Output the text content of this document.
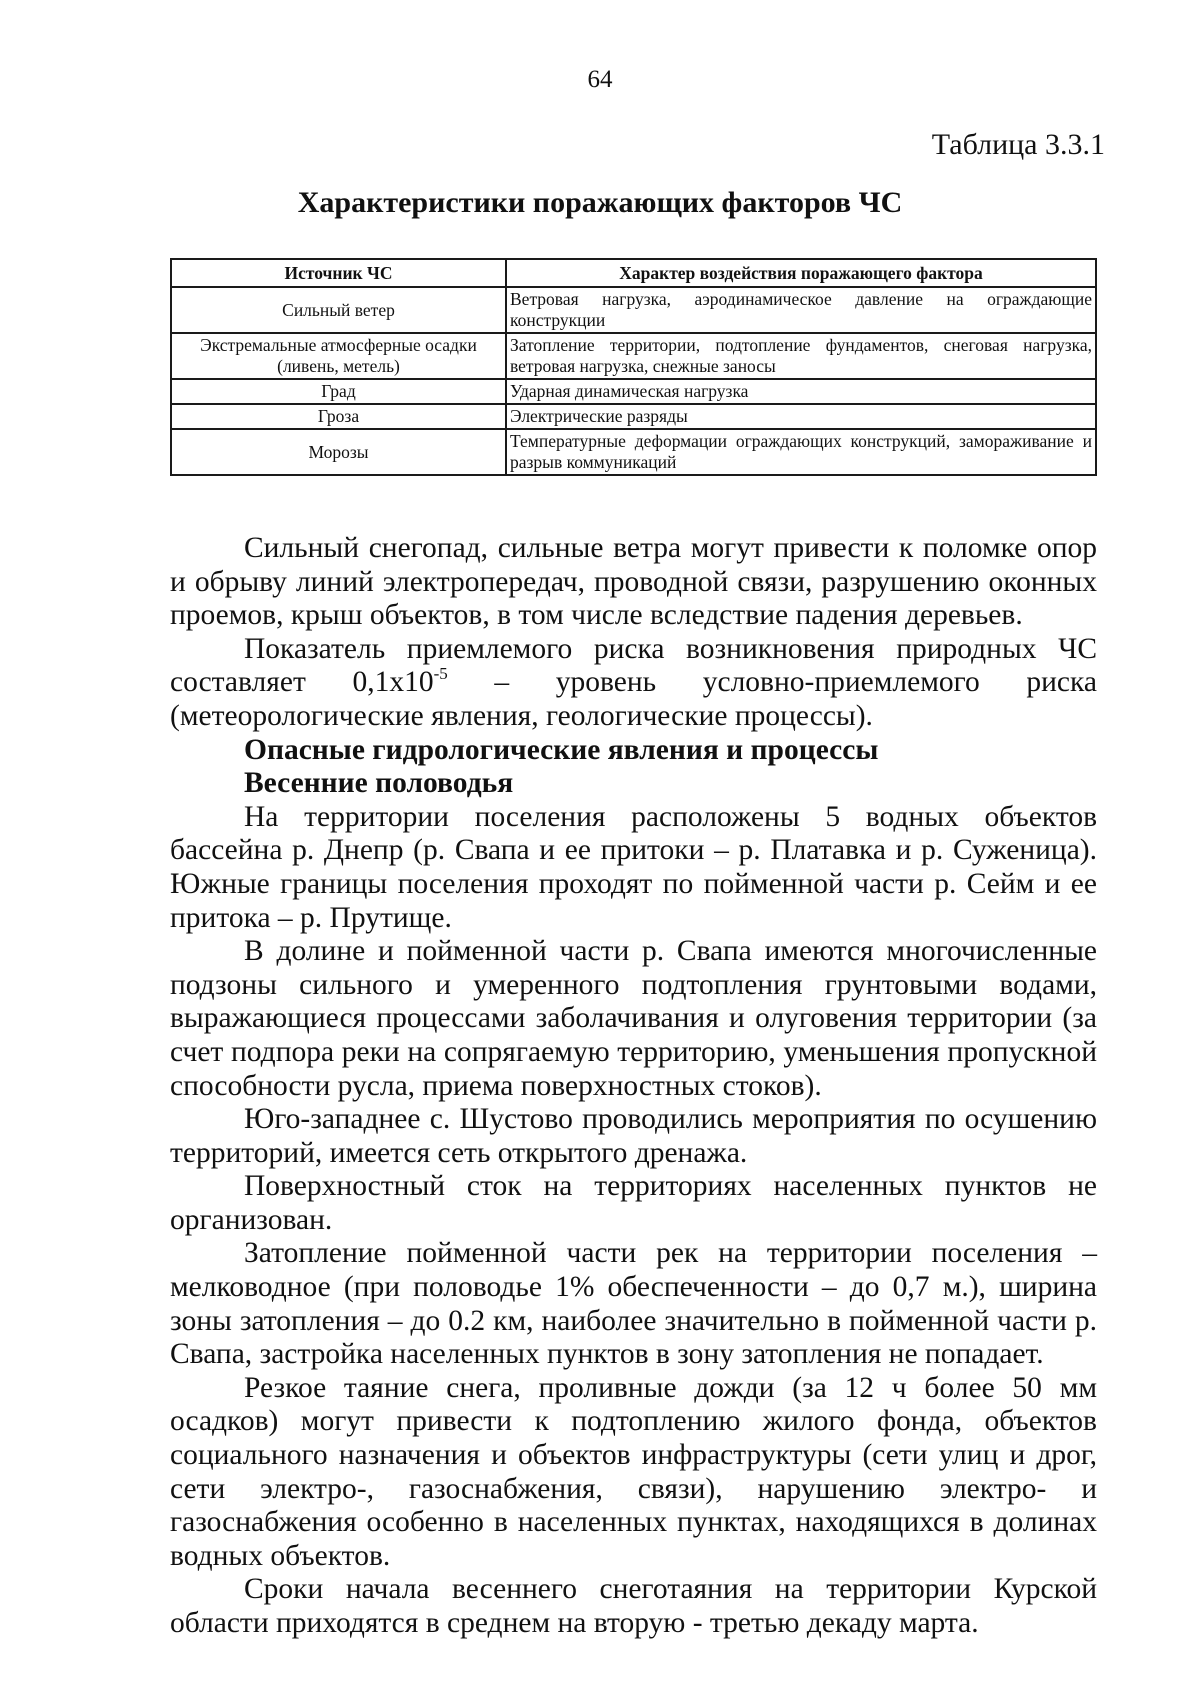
64
Таблица 3.3.1
Характеристики поражающих факторов ЧС
Источник ЧС	Характер воздействия поражающего фактора
Сильный ветер	Ветровая нагрузка, аэродинамическое давление на ограждающие конструкции
Экстремальные атмосферные осадки (ливень, метель)	Затопление территории, подтопление фундаментов, снеговая нагрузка, ветровая нагрузка, снежные заносы
Град	Ударная динамическая нагрузка
Гроза	Электрические разряды
Морозы	Температурные деформации ограждающих конструкций, замораживание и разрыв коммуникаций

Сильный снегопад, сильные ветра могут привести к поломке опор и обрыву линий электропередач, проводной связи, разрушению оконных проемов, крыш объектов, в том числе вследствие падения деревьев.

Показатель приемлемого риска возникновения природных ЧС составляет $0,1х10^{-5}$ – уровень условно-приемлемого риска (метеорологические явления, геологические процессы).

Опасные гидрологические явления и процессы
Весенние половодья

На территории поселения расположены 5 водных объектов бассейна р. Днепр (р. Свапа и ее притоки – р. Платавка и р. Суженица). Южные границы поселения проходят по пойменной части р. Сейм и ее притока – р. Прутище.

В долине и пойменной части р. Свапа имеются многочисленные подзоны сильного и умеренного подтопления грунтовыми водами, выражающиеся процессами заболачивания и олуговения территории (за счет подпора реки на сопрягаемую территорию, уменьшения пропускной способности русла, приема поверхностных стоков).

Юго-западнее с. Шустово проводились мероприятия по осушению территорий, имеется сеть открытого дренажа.

Поверхностный сток на территориях населенных пунктов не организован.

Затопление пойменной части рек на территории поселения – мелководное (при половодье 1% обеспеченности – до 0,7 м.), ширина зоны затопления – до 0.2 км, наиболее значительно в пойменной части р. Свапа, застройка населенных пунктов в зону затопления не попадает.

Резкое таяние снега, проливные дожди (за 12 ч более 50 мм осадков) могут привести к подтоплению жилого фонда, объектов социального назначения и объектов инфраструктуры (сети улиц и дрог, сети электро-, газоснабжения, связи), нарушению электро- и газоснабжения особенно в населенных пунктах, находящихся в долинах водных объектов.

Сроки начала весеннего снеготаяния на территории Курской области приходятся в среднем на вторую - третью декаду марта.
